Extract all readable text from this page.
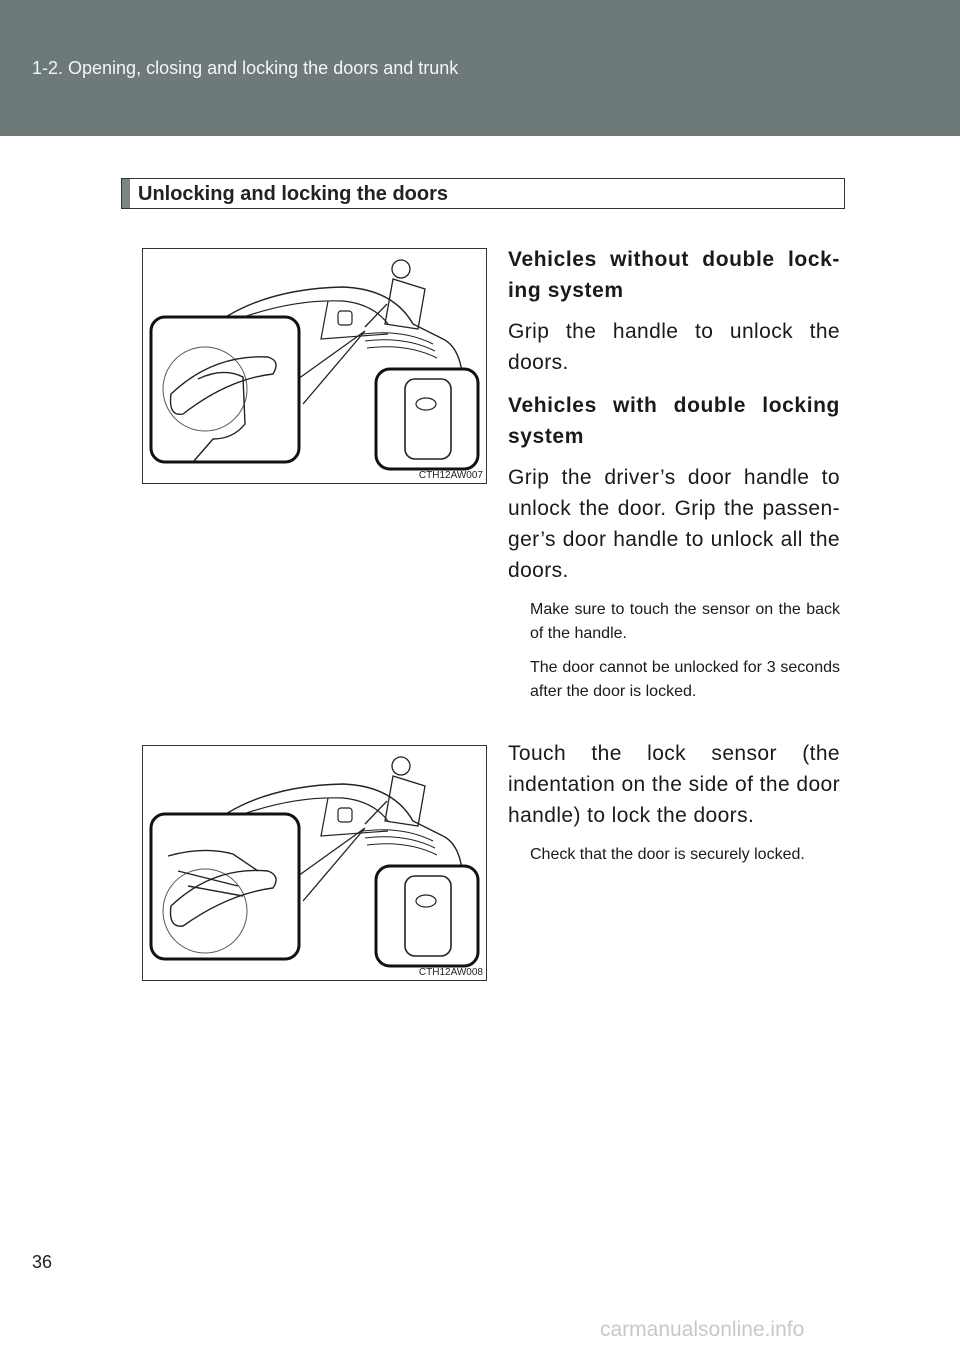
1-2. Opening, closing and locking the doors and trunk
Unlocking and locking the doors
CTH12AW007
CTH12AW008

Vehicles without double lock-ing system

Grip the handle to unlock the doors.

Vehicles with double locking system

Grip the driver’s door handle to unlock the door. Grip the passen-ger’s door handle to unlock all the doors.

Make sure to touch the sensor on the back of the handle.

The door cannot be unlocked for 3 seconds after the door is locked.

Touch the lock sensor (the indentation on the side of the door handle) to lock the doors.

Check that the door is securely locked.

36
carmanualsonline.info
